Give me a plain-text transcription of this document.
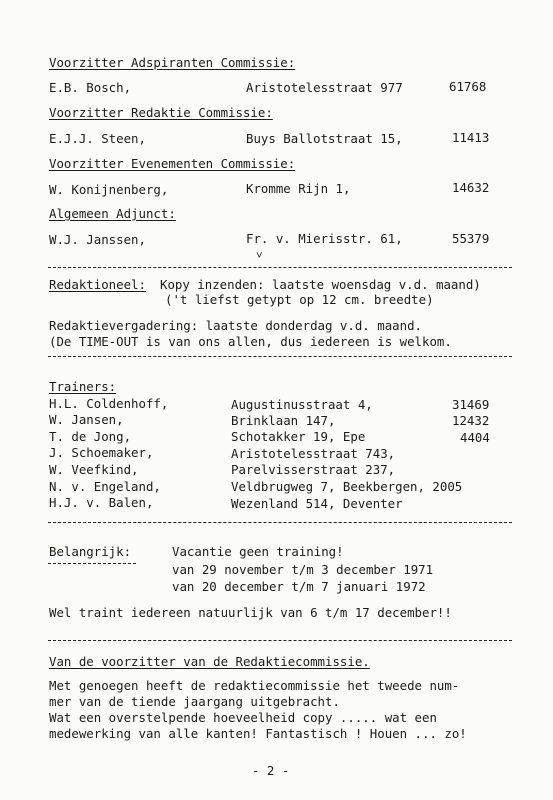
Voorzitter Adspiranten Commissie:
E.B. Bosch,	Aristotelesstraat 977	61768
Voorzitter Redaktie Commissie:
E.J.J. Steen,	Buys Ballotstraat 15,	11413
Voorzitter Evenementen Commissie:
W. Konijnenberg,	Kromme Rijn 1,	14632
Algemeen Adjunct:
W.J. Janssen,	Fr. v. Mierisstr. 61,	55379
˅
Redaktioneel: Kopy inzenden: laatste woensdag v.d. maand)
('t liefst getypt op 12 cm. breedte)
Redaktievergadering: laatste donderdag v.d. maand.
(De TIME-OUT is van ons allen, dus iedereen is welkom.
Trainers:
H.L. Coldenhoff,	Augustinusstraat 4,	31469
W. Jansen,	Brinklaan 147,	12432
T. de Jong,	Schotakker 19, Epe	4404
J. Schoemaker,	Aristotelesstraat 743,
W. Veefkind,	Parelvisserstraat 237,
N. v. Engeland,	Veldbrugweg 7, Beekbergen, 2005
H.J. v. Balen,	Wezenland 514, Deventer
Belangrijk:	Vacantie geen training!
van 29 november t/m 3 december 1971
van 20 december t/m 7 januari 1972
Wel traint iedereen natuurlijk van 6 t/m 17 december!!
Van de voorzitter van de Redaktiecommissie.
Met genoegen heeft de redaktiecommissie het tweede num-
mer van de tiende jaargang uitgebracht.
Wat een overstelpende hoeveelheid copy ..... wat een
medewerking van alle kanten! Fantastisch ! Houen ... zo!
- 2 -
